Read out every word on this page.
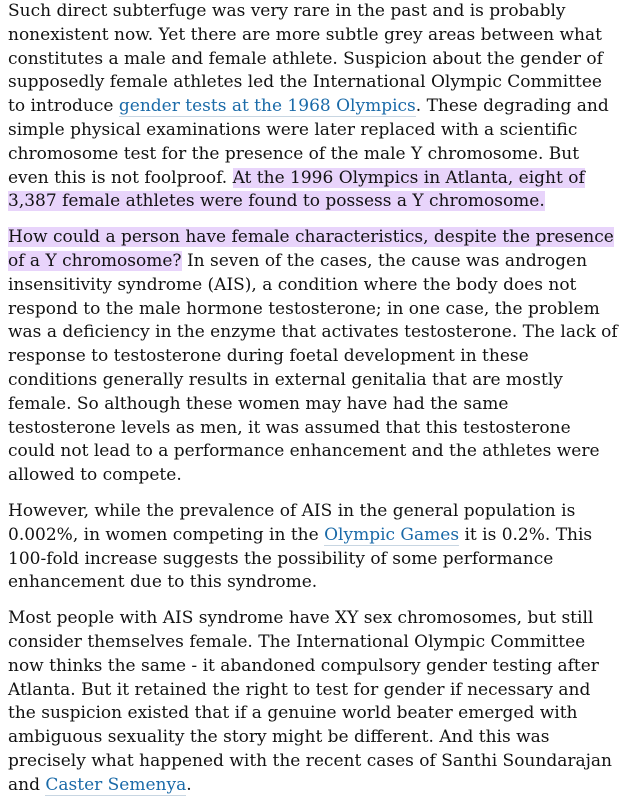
Such direct subterfuge was very rare in the past and is probably nonexistent now. Yet there are more subtle grey areas between what constitutes a male and female athlete. Suspicion about the gender of supposedly female athletes led the International Olympic Committee to introduce gender tests at the 1968 Olympics. These degrading and simple physical examinations were later replaced with a scientific chromosome test for the presence of the male Y chromosome. But even this is not foolproof. At the 1996 Olympics in Atlanta, eight of 3,387 female athletes were found to possess a Y chromosome.

How could a person have female characteristics, despite the presence of a Y chromosome? In seven of the cases, the cause was androgen insensitivity syndrome (AIS), a condition where the body does not respond to the male hormone testosterone; in one case, the problem was a deficiency in the enzyme that activates testosterone. The lack of response to testosterone during foetal development in these conditions generally results in external genitalia that are mostly female. So although these women may have had the same testosterone levels as men, it was assumed that this testosterone could not lead to a performance enhancement and the athletes were allowed to compete.

However, while the prevalence of AIS in the general population is 0.002%, in women competing in the Olympic Games it is 0.2%. This 100-fold increase suggests the possibility of some performance enhancement due to this syndrome.

Most people with AIS syndrome have XY sex chromosomes, but still consider themselves female. The International Olympic Committee now thinks the same - it abandoned compulsory gender testing after Atlanta. But it retained the right to test for gender if necessary and the suspicion existed that if a genuine world beater emerged with ambiguous sexuality the story might be different. And this was precisely what happened with the recent cases of Santhi Soundarajan and Caster Semenya.
